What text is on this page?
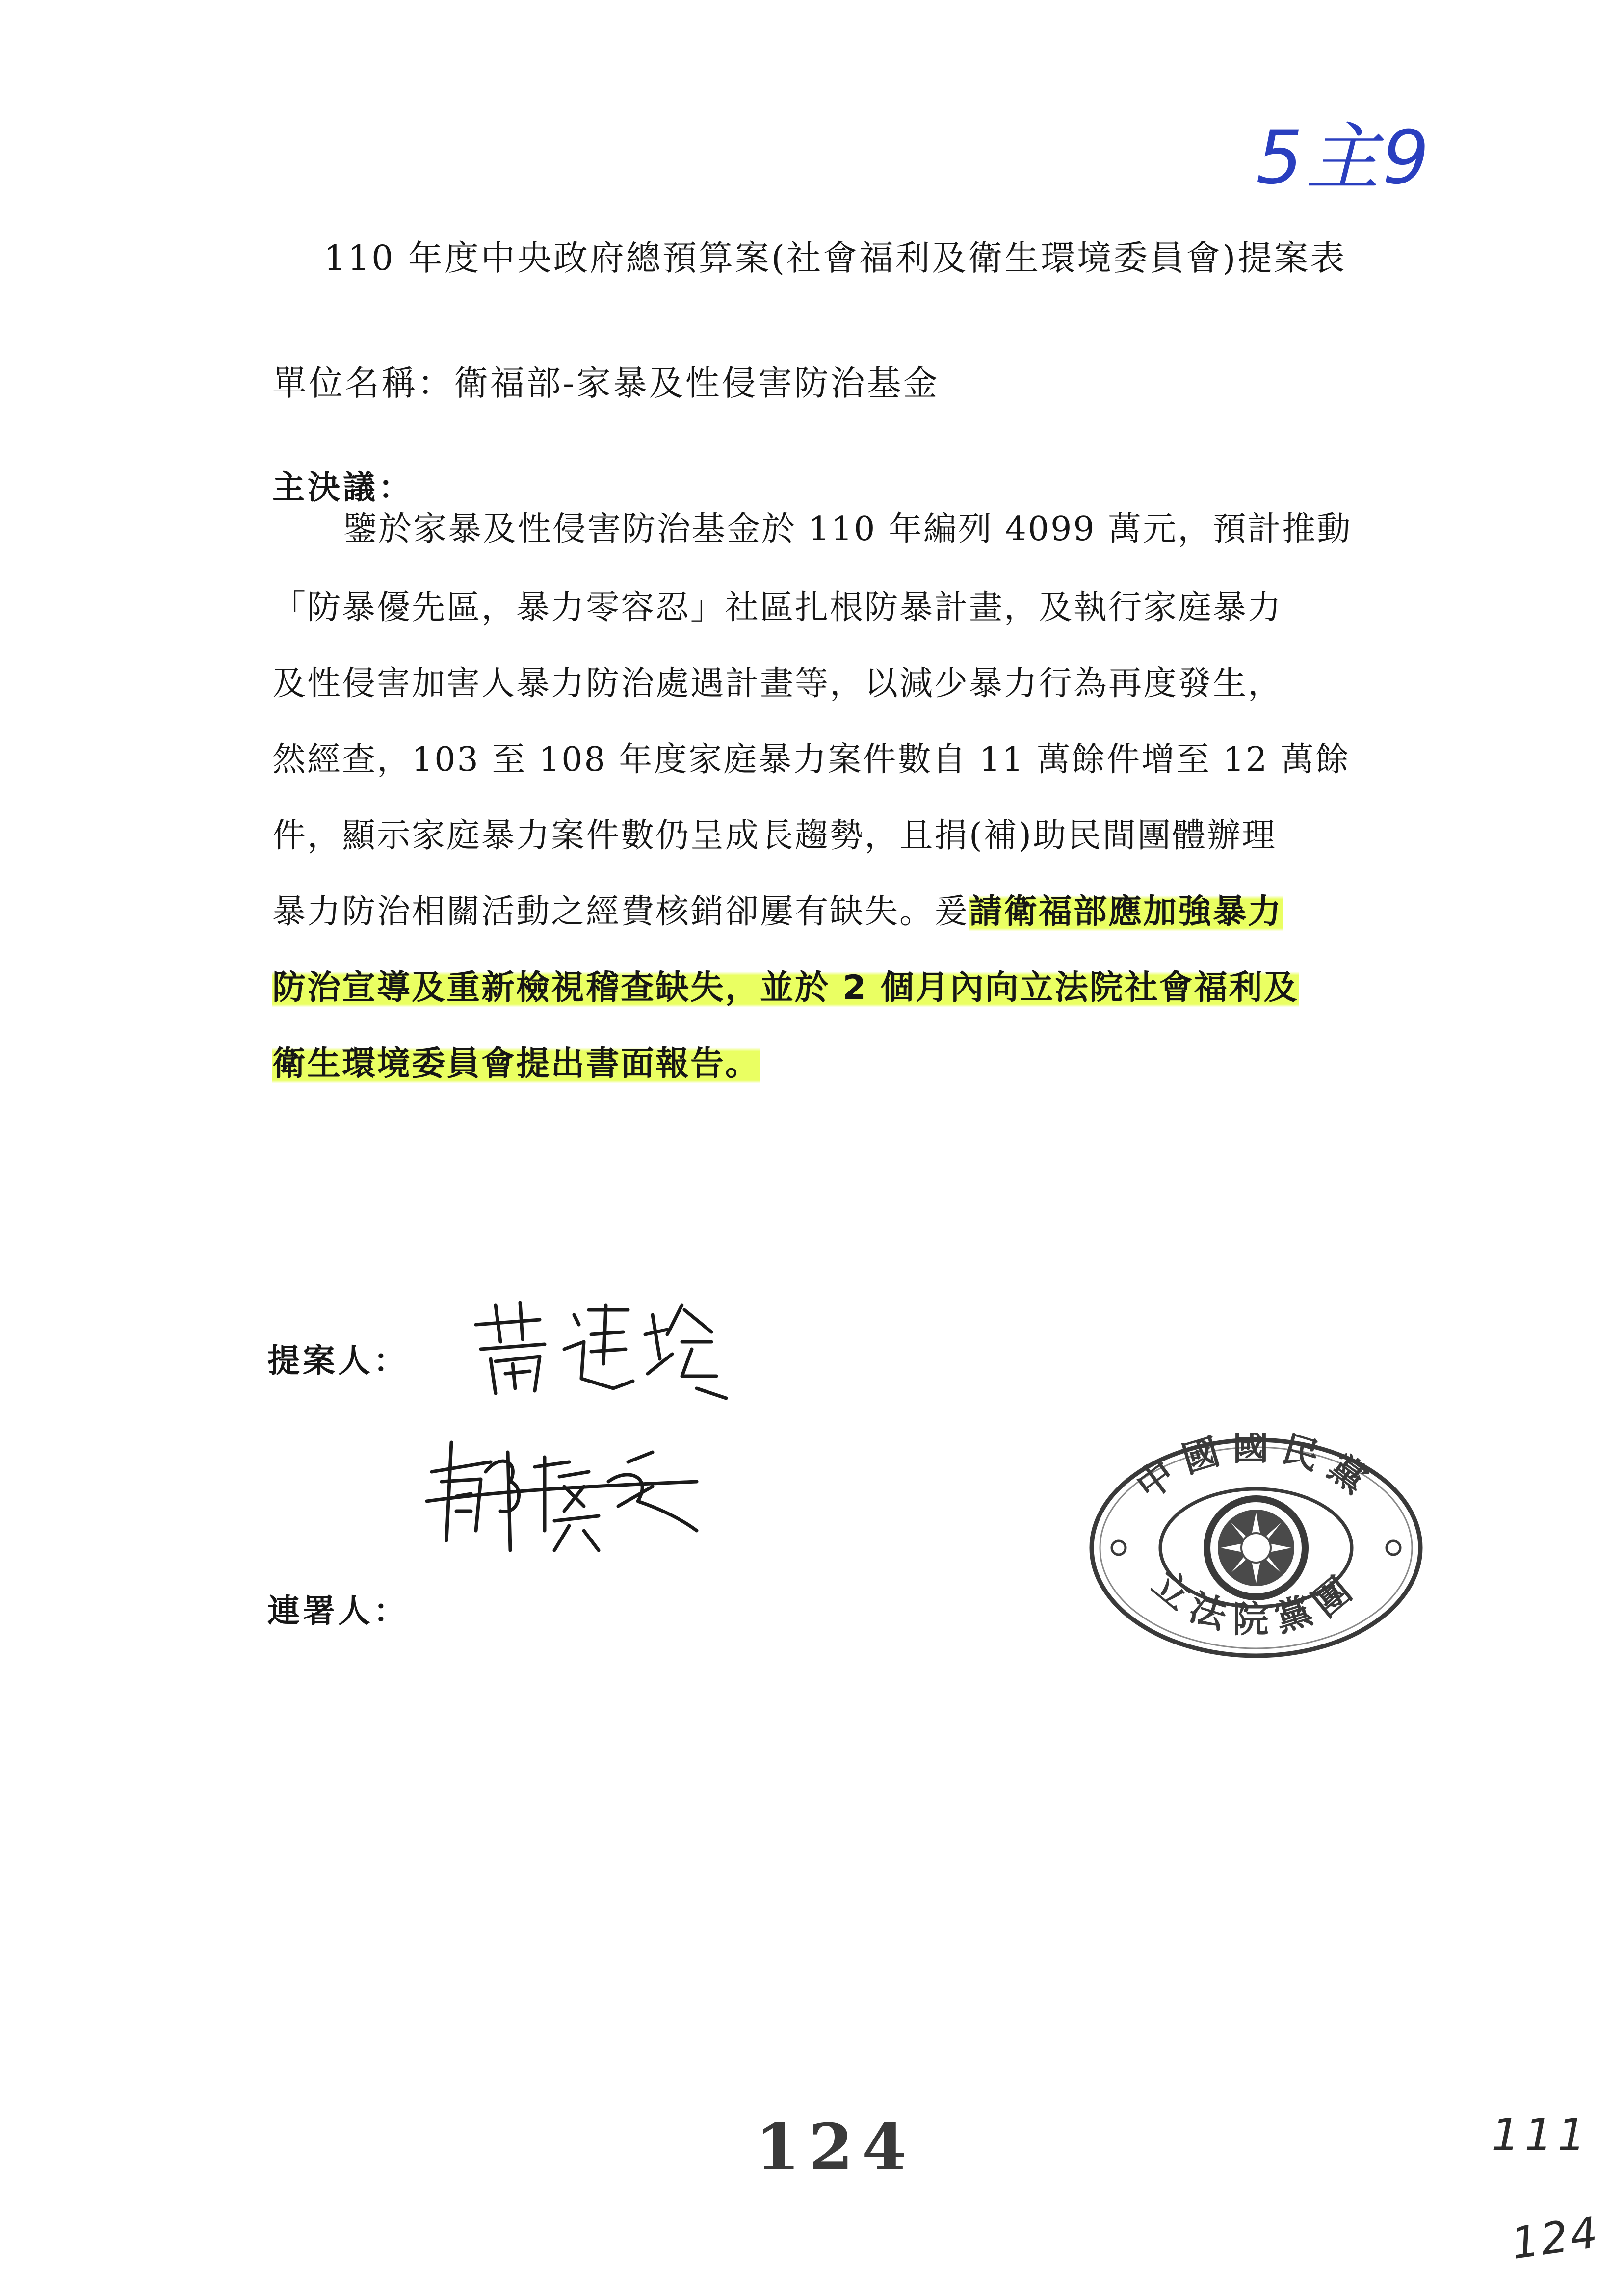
5主9
110 年度中央政府總預算案(社會福利及衛生環境委員會)提案表
單位名稱：衛福部-家暴及性侵害防治基金
主決議：
鑒於家暴及性侵害防治基金於 110 年編列 4099 萬元，預計推動
「防暴優先區，暴力零容忍」社區扎根防暴計畫，及執行家庭暴力
及性侵害加害人暴力防治處遇計畫等，以減少暴力行為再度發生，
然經查，103 至 108 年度家庭暴力案件數自 11 萬餘件增至 12 萬餘
件，顯示家庭暴力案件數仍呈成長趨勢，且捐(補)助民間團體辦理
暴力防治相關活動之經費核銷卻屢有缺失。爰請衛福部應加強暴力
防治宣導及重新檢視稽查缺失，並於 2 個月內向立法院社會福利及
衛生環境委員會提出書面報告。
提案人：
連署人：
中國國民黨
立法院黨團
124	111
124
